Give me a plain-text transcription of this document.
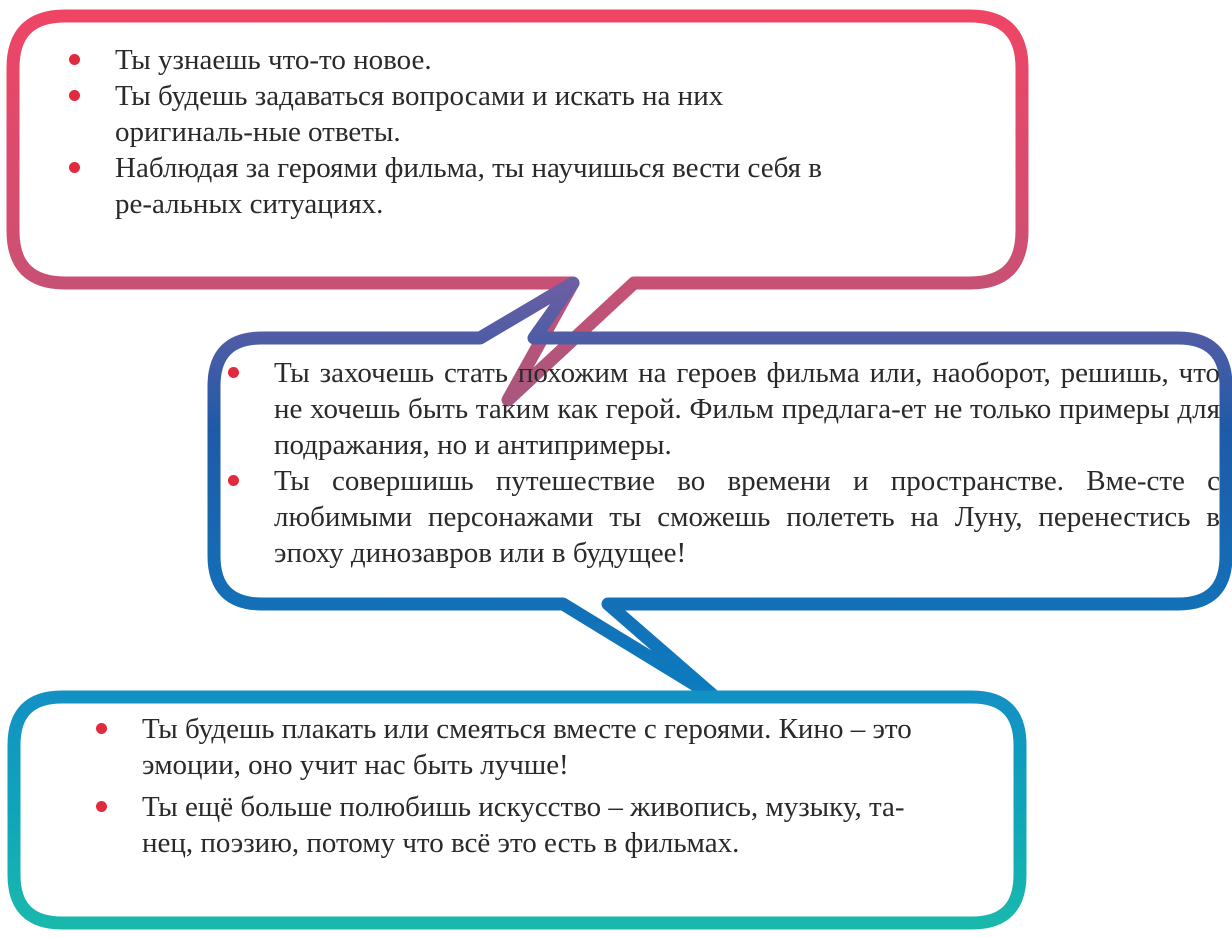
Ты узнаешь что-то новое.
Ты будешь задаваться вопросами и искать на них оригиналь-ные ответы.
Наблюдая за героями фильма, ты научишься вести себя в ре-альных ситуациях.
Ты захочешь стать похожим на героев фильма или, наоборот, решишь, что не хочешь быть таким как герой. Фильм предлага-ет не только примеры для подражания, но и антипримеры.
Ты совершишь путешествие во времени и пространстве. Вме-сте с любимыми персонажами ты сможешь полететь на Луну, перенестись в эпоху динозавров или в будущее!
Ты будешь плакать или смеяться вместе с героями. Кино – это эмоции, оно учит нас быть лучше!
Ты ещё больше полюбишь искусство – живопись, музыку, та-нец, поэзию, потому что всё это есть в фильмах.
